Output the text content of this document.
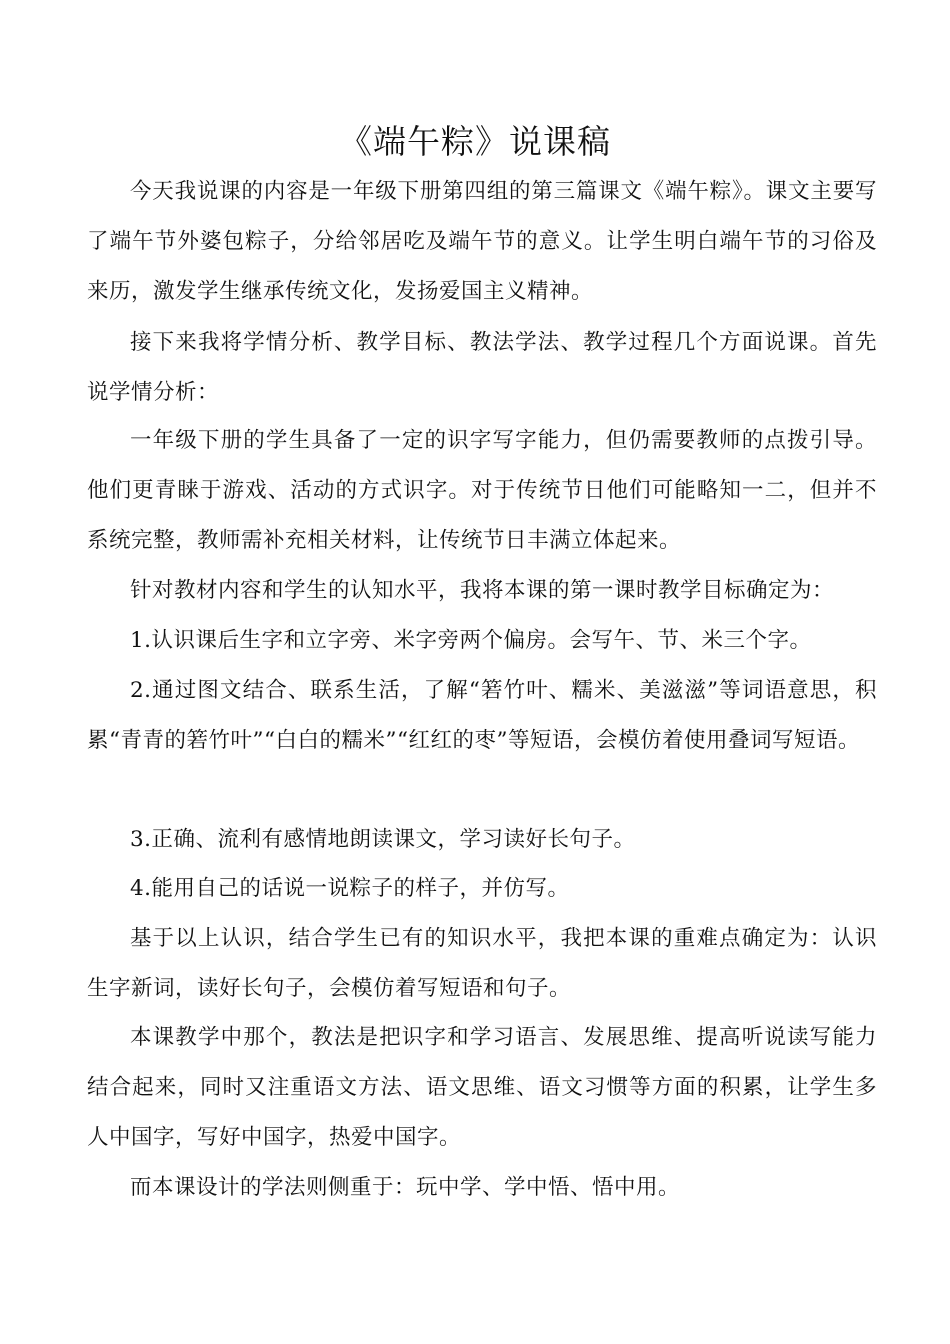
《端午粽》说课稿

今天我说课的内容是一年级下册第四组的第三篇课文《端午粽》。课文主要写了端午节外婆包粽子，分给邻居吃及端午节的意义。让学生明白端午节的习俗及来历，激发学生继承传统文化，发扬爱国主义精神。

接下来我将学情分析、教学目标、教法学法、教学过程几个方面说课。首先说学情分析：

一年级下册的学生具备了一定的识字写字能力，但仍需要教师的点拨引导。他们更青睐于游戏、活动的方式识字。对于传统节日他们可能略知一二，但并不系统完整，教师需补充相关材料，让传统节日丰满立体起来。

针对教材内容和学生的认知水平，我将本课的第一课时教学目标确定为：

1.认识课后生字和立字旁、米字旁两个偏房。会写午、节、米三个字。

2.通过图文结合、联系生活，了解“箬竹叶、糯米、美滋滋”等词语意思，积累“青青的箬竹叶”“白白的糯米”“红红的枣”等短语，会模仿着使用叠词写短语。

3.正确、流利有感情地朗读课文，学习读好长句子。

4.能用自己的话说一说粽子的样子，并仿写。

基于以上认识，结合学生已有的知识水平，我把本课的重难点确定为：认识生字新词，读好长句子，会模仿着写短语和句子。

本课教学中那个，教法是把识字和学习语言、发展思维、提高听说读写能力结合起来，同时又注重语文方法、语文思维、语文习惯等方面的积累，让学生多人中国字，写好中国字，热爱中国字。

而本课设计的学法则侧重于：玩中学、学中悟、悟中用。
